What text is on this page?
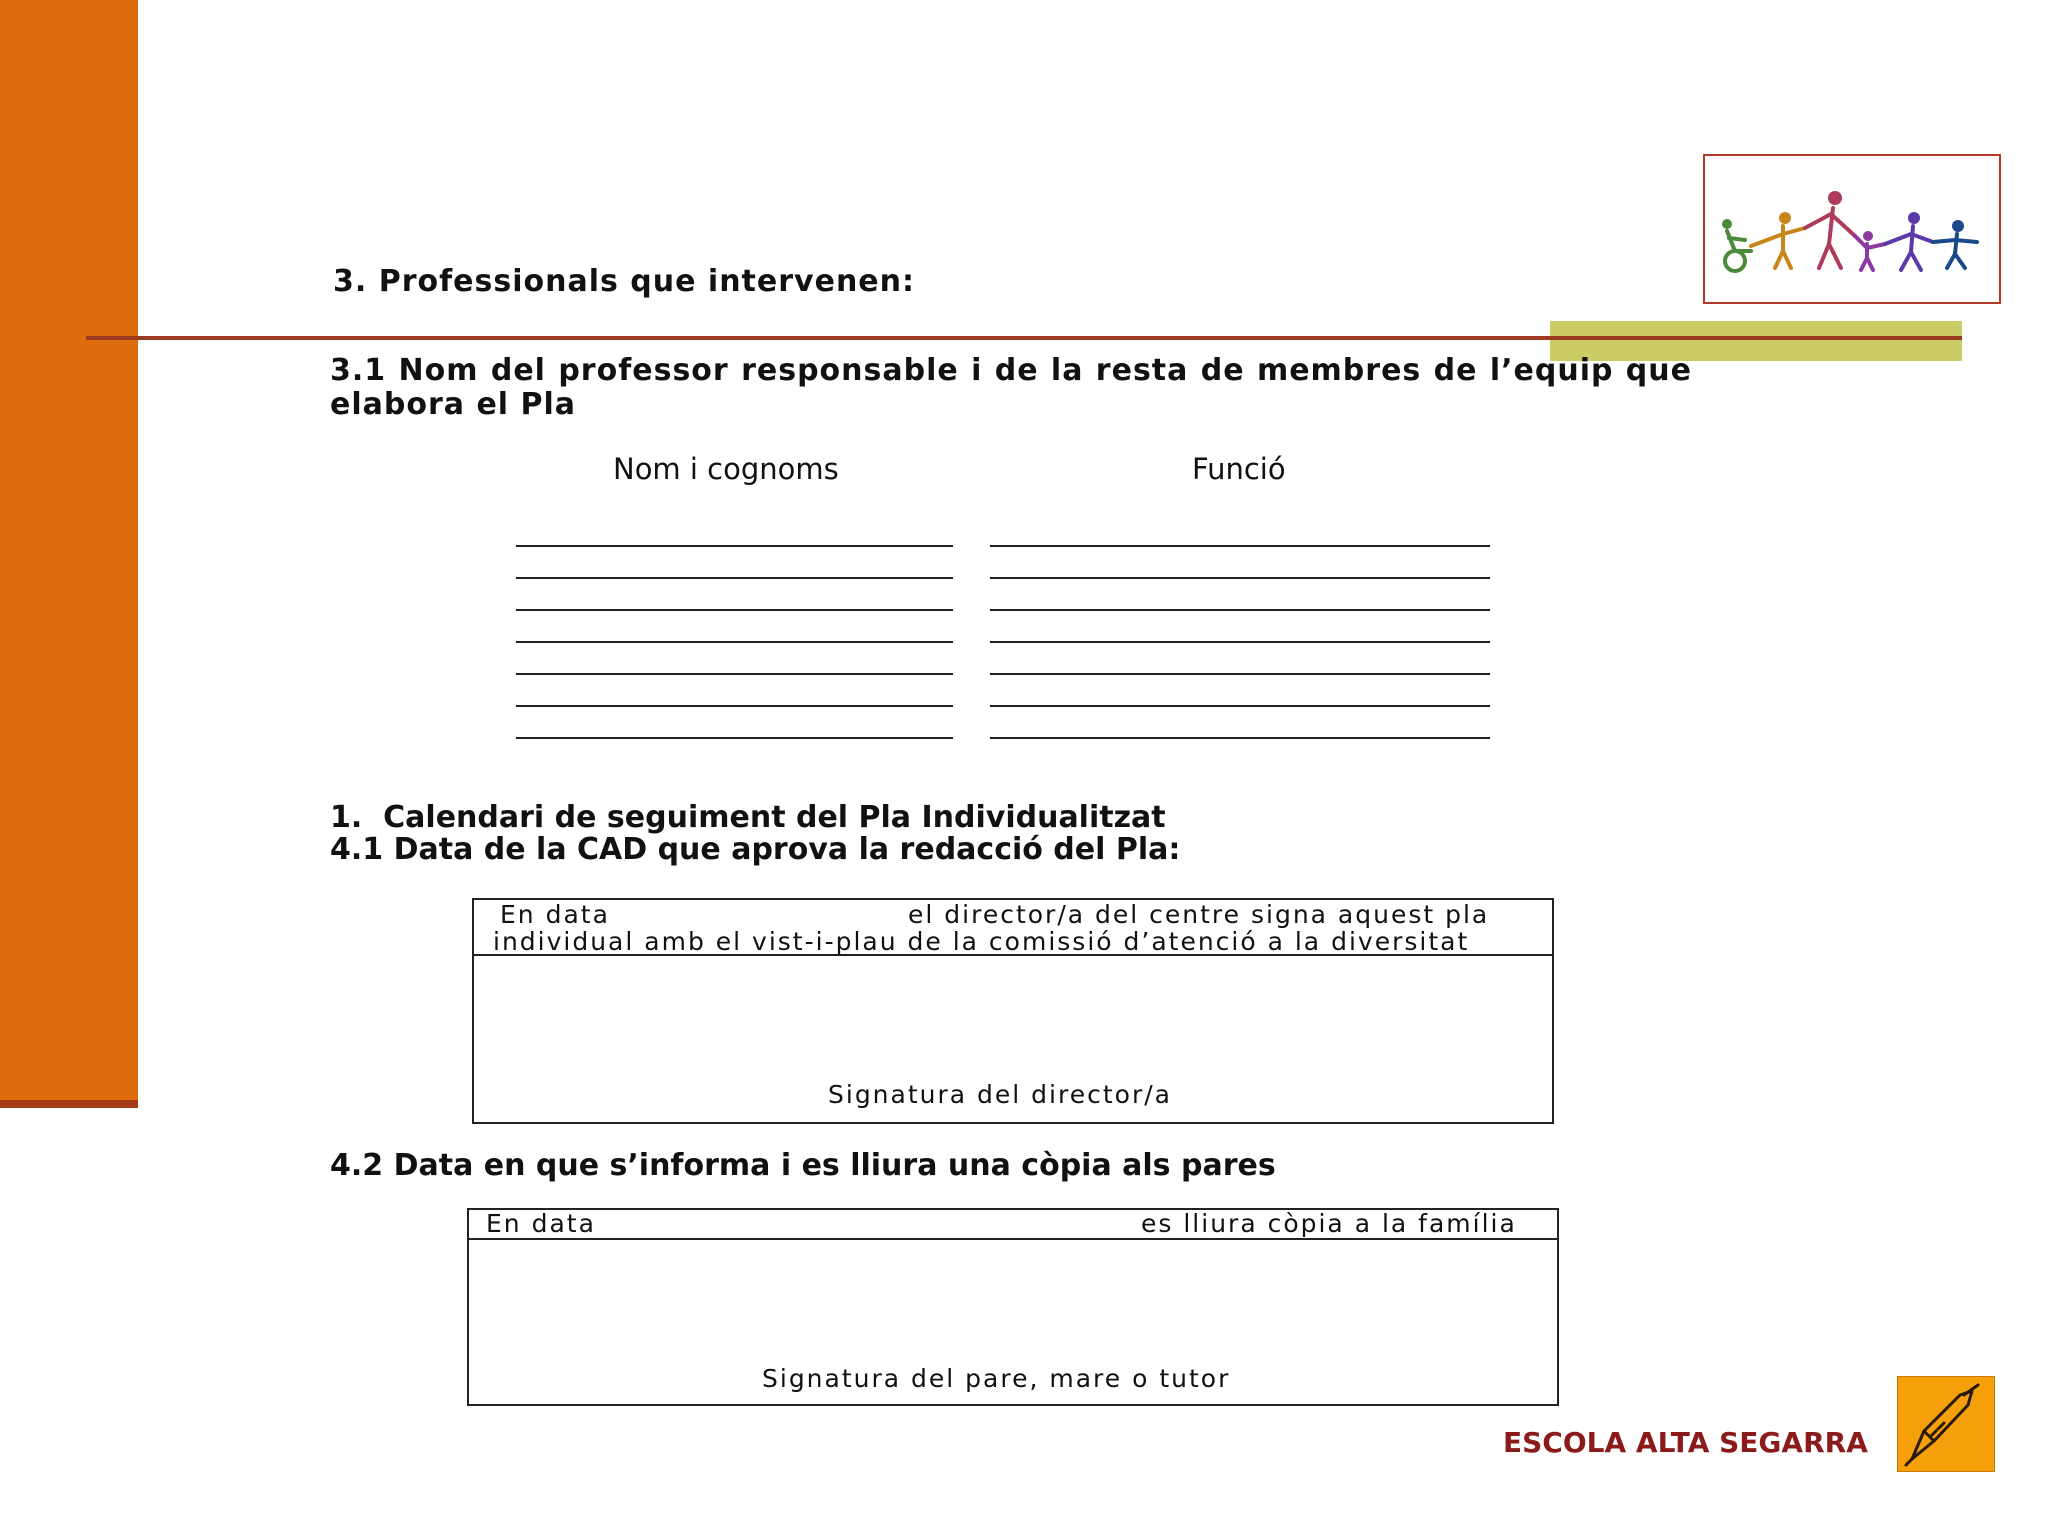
3. Professionals que intervenen:
3.1 Nom del professor responsable i de la resta de membres de l’equip que elabora el Pla
Nom i cognoms	Funció
1.  Calendari de seguiment del Pla Individualitzat
4.1 Data de la CAD que aprova la redacció del Pla:
En data	el director/a del centre signa aquest pla
individual amb el vist-i-plau de la comissió d’atenció a la diversitat
Signatura del director/a
4.2 Data en que s’informa i es lliura una còpia als pares
En data	es lliura còpia a la família
Signatura del pare, mare o tutor
ESCOLA ALTA SEGARRA
